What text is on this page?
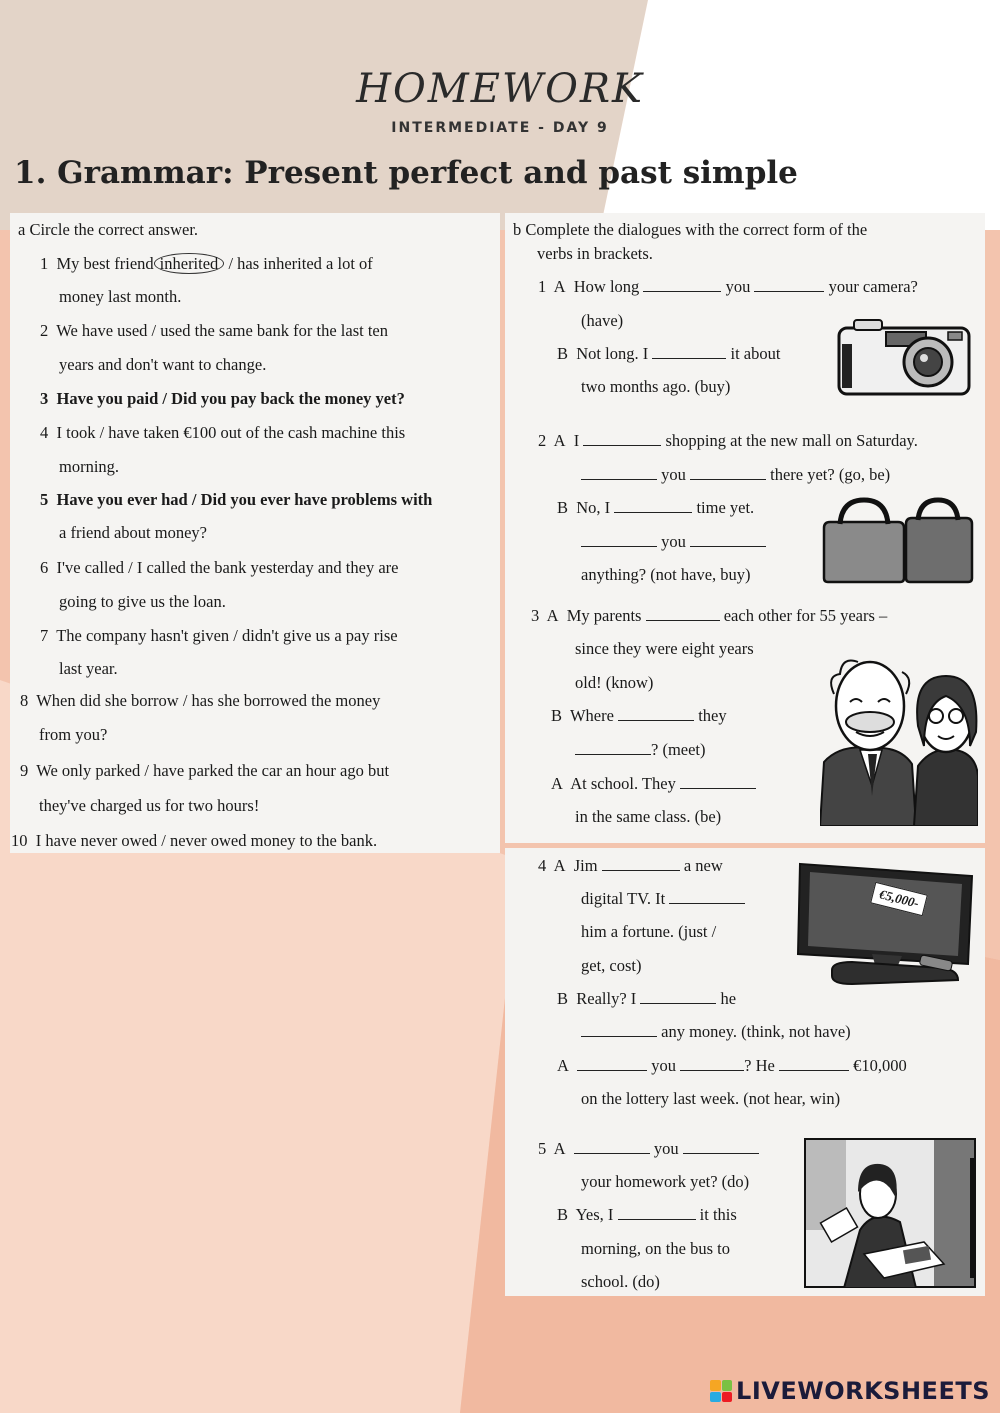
HOMEWORK
INTERMEDIATE - DAY 9
1. Grammar: Present perfect and past simple
a Circle the correct answer.
1 My best friend inherited / has inherited a lot of
money last month.
2 We have used / used the same bank for the last ten
years and don't want to change.
3 Have you paid / Did you pay back the money yet?
4 I took / have taken €100 out of the cash machine this
morning.
5 Have you ever had / Did you ever have problems with
a friend about money?
6 I've called / I called the bank yesterday and they are
going to give us the loan.
7 The company hasn't given / didn't give us a pay rise
last year.
8 When did she borrow / has she borrowed the money
from you?
9 We only parked / have parked the car an hour ago but
they've charged us for two hours!
10 I have never owed / never owed money to the bank.
b Complete the dialogues with the correct form of the
verbs in brackets.
1 A How long	you	your camera?
(have)
B Not long. I	it about
two months ago. (buy)
2 A I	shopping at the new mall on Saturday.
you	there yet? (go, be)
B No, I	time yet.
you
anything? (not have, buy)
3 A My parents	each other for 55 years –
since they were eight years
old! (know)
B Where	they
? (meet)
A At school. They
in the same class. (be)
4 A Jim	a new
digital TV. It
him a fortune. (just /
get, cost)
B Really? I	he
any money. (think, not have)
A	you	? He	€10,000
on the lottery last week. (not hear, win)
€5,000-
5 A	you
your homework yet? (do)
B Yes, I	it this
morning, on the bus to
school. (do)
LIVEWORKSHEETS
